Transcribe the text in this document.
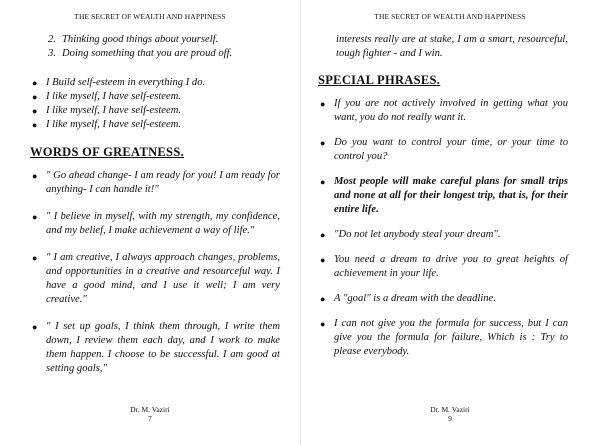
THE SECRET OF WEALTH AND HAPPINESS
Dr. M. Vaziri
7
2. Thinking good things about yourself.
3. Doing something that you are proud off.
● I Build self-esteem in everything I do.
● I like myself, I have self-esteem.
● I like myself, I have self-esteem.
● I like myself, I have self-esteem.
WORDS OF GREATNESS.
● " Go ahead change- I am ready for you! I am ready for anything- I can handle it!"
● " I believe in myself, with my strength, my confidence, and my belief, I make achievement a way of life."
● " I am creative, I always approach changes, problems, and opportunities in a creative and resourceful way. I have a good mind, and I use it well; I am very creative."
● " I set up goals, I think them through, I write them down, I review them each day, and I work to make them happen. I choose to be successful. I am good at setting goals,"
THE SECRET OF WEALTH AND HAPPINESS
Dr. M. Vaziri
9
interests really are at stake, I am a smart, resourceful, tough fighter - and I win.
SPECIAL PHRASES.
● If you are not actively involved in getting what you want, you do not really want it.
● Do you want to control your time, or your time to control you?
● Most people will make careful plans for small trips and none at all for their longest trip, that is, for their entire life.
● "Do not let anybody steal your dream".
● You need a dream to drive you to great heights of achievement in your life.
● A "goal" is a dream with the deadline.
● I can not give you the formula for success, but I can give you the formula for failure, Which is : Try to please everybody.
